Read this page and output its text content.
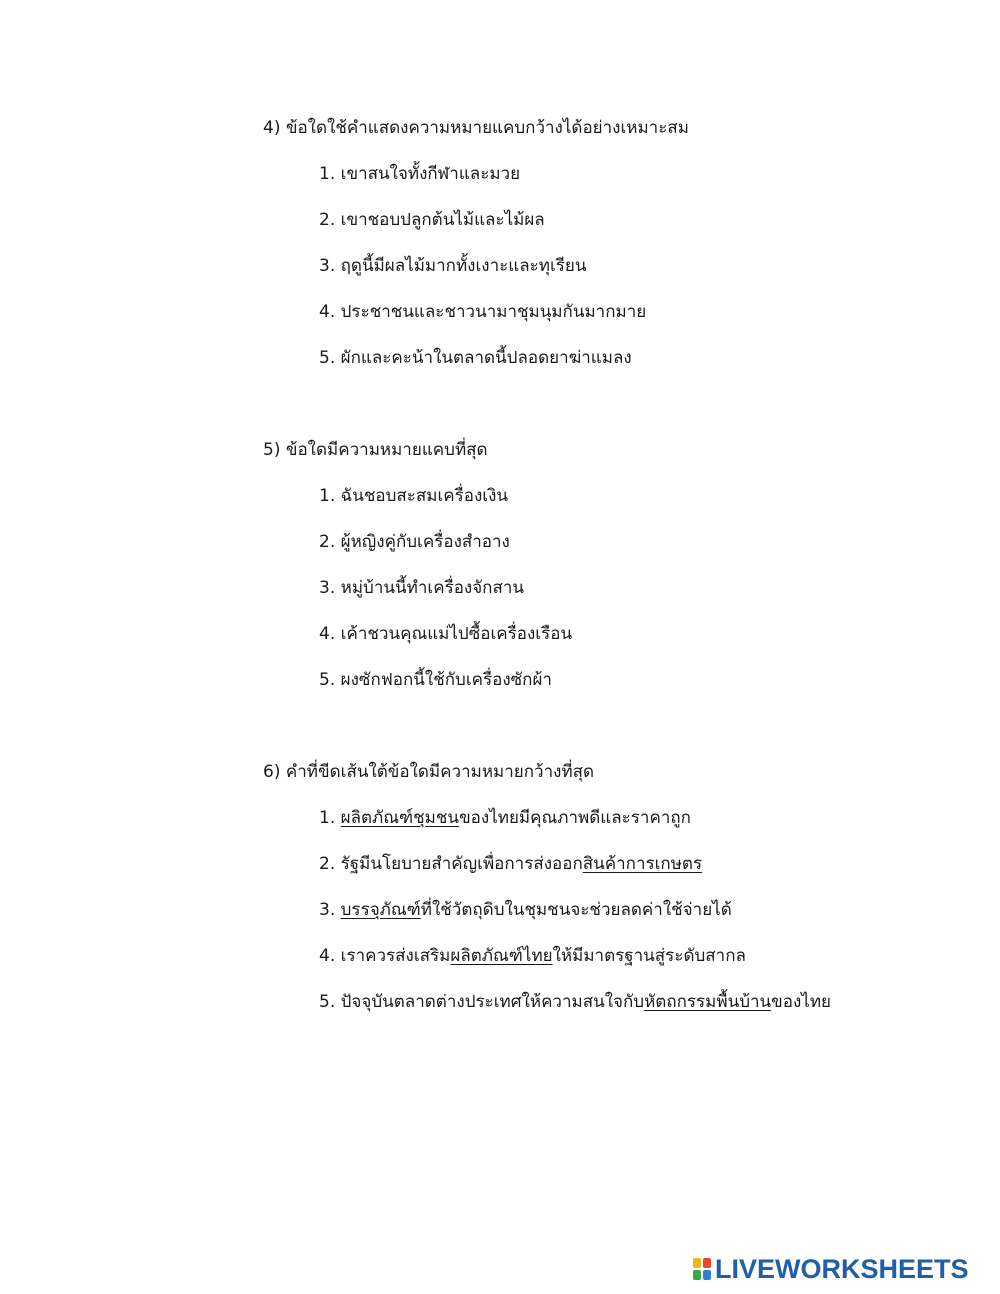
4) ข้อใดใช้คำแสดงความหมายแคบกว้างได้อย่างเหมาะสม
1. เขาสนใจทั้งกีฬาและมวย
2. เขาชอบปลูกต้นไม้และไม้ผล
3. ฤดูนี้มีผลไม้มากทั้งเงาะและทุเรียน
4. ประชาชนและชาวนามาชุมนุมกันมากมาย
5. ผักและคะน้าในตลาดนี้ปลอดยาฆ่าแมลง
5) ข้อใดมีความหมายแคบที่สุด
1. ฉันชอบสะสมเครื่องเงิน
2. ผู้หญิงคู่กับเครื่องสำอาง
3. หมู่บ้านนี้ทำเครื่องจักสาน
4. เค้าชวนคุณแม่ไปซื้อเครื่องเรือน
5. ผงซักฟอกนี้ใช้กับเครื่องซักผ้า
6) คำที่ขีดเส้นใต้ข้อใดมีความหมายกว้างที่สุด
1. ผลิตภัณฑ์ชุมชนของไทยมีคุณภาพดีและราคาถูก
2. รัฐมีนโยบายสำคัญเพื่อการส่งออกสินค้าการเกษตร
3. บรรจุภัณฑ์ที่ใช้วัตถุดิบในชุมชนจะช่วยลดค่าใช้จ่ายได้
4. เราควรส่งเสริมผลิตภัณฑ์ไทยให้มีมาตรฐานสู่ระดับสากล
5. ปัจจุบันตลาดต่างประเทศให้ความสนใจกับหัตถกรรมพื้นบ้านของไทย
LIVEWORKSHEETS
